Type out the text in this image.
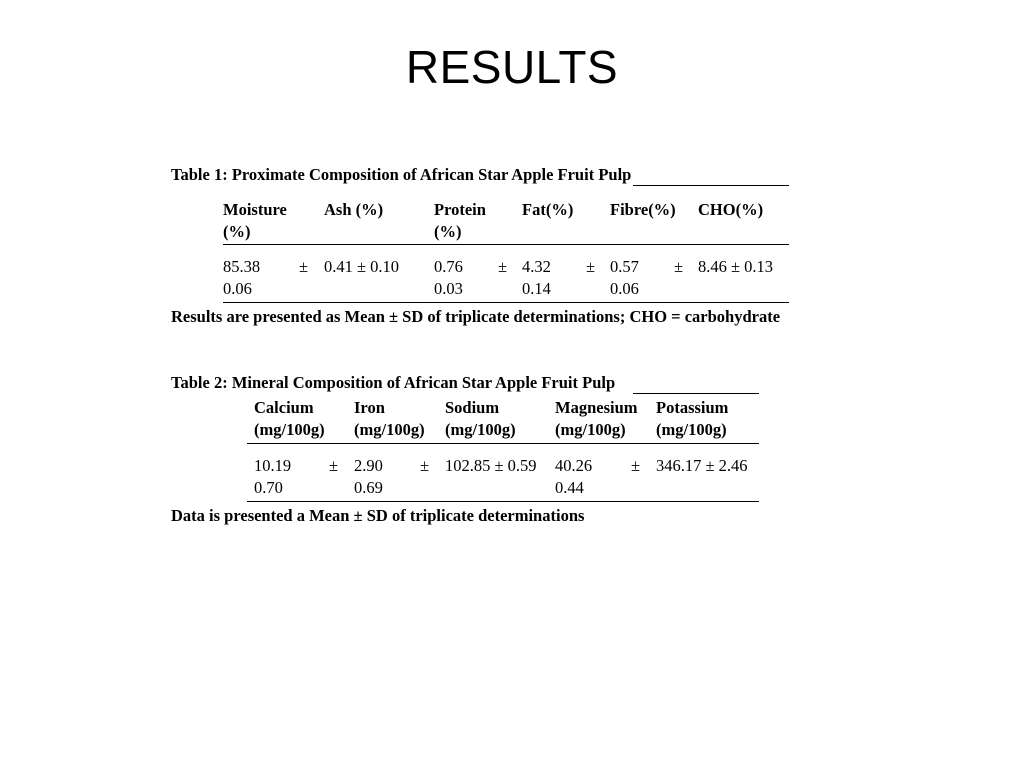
RESULTS
Table 1: Proximate Composition of African Star Apple Fruit Pulp
Moisture
(%)
Ash (%)	Protein
(%)
Fat(%) Fibre(%) CHO(%)
85.38
0.06
± 0.41 ± 0.10 0.76
0.03
± 4.32
0.14
± 0.57
0.06
± 8.46 ± 0.13
Results are presented as Mean ± SD of triplicate determinations; CHO = carbohydrate
Table 2: Mineral Composition of African Star Apple Fruit Pulp
Calcium
(mg/100g)
Iron
(mg/100g)
Sodium
(mg/100g)
Magnesium
(mg/100g)
Potassium
(mg/100g)
10.19
0.70
± 2.90
0.69
± 102.85 ± 0.59 40.26
0.44
± 346.17 ± 2.46
Data is presented a Mean ± SD of triplicate determinations
